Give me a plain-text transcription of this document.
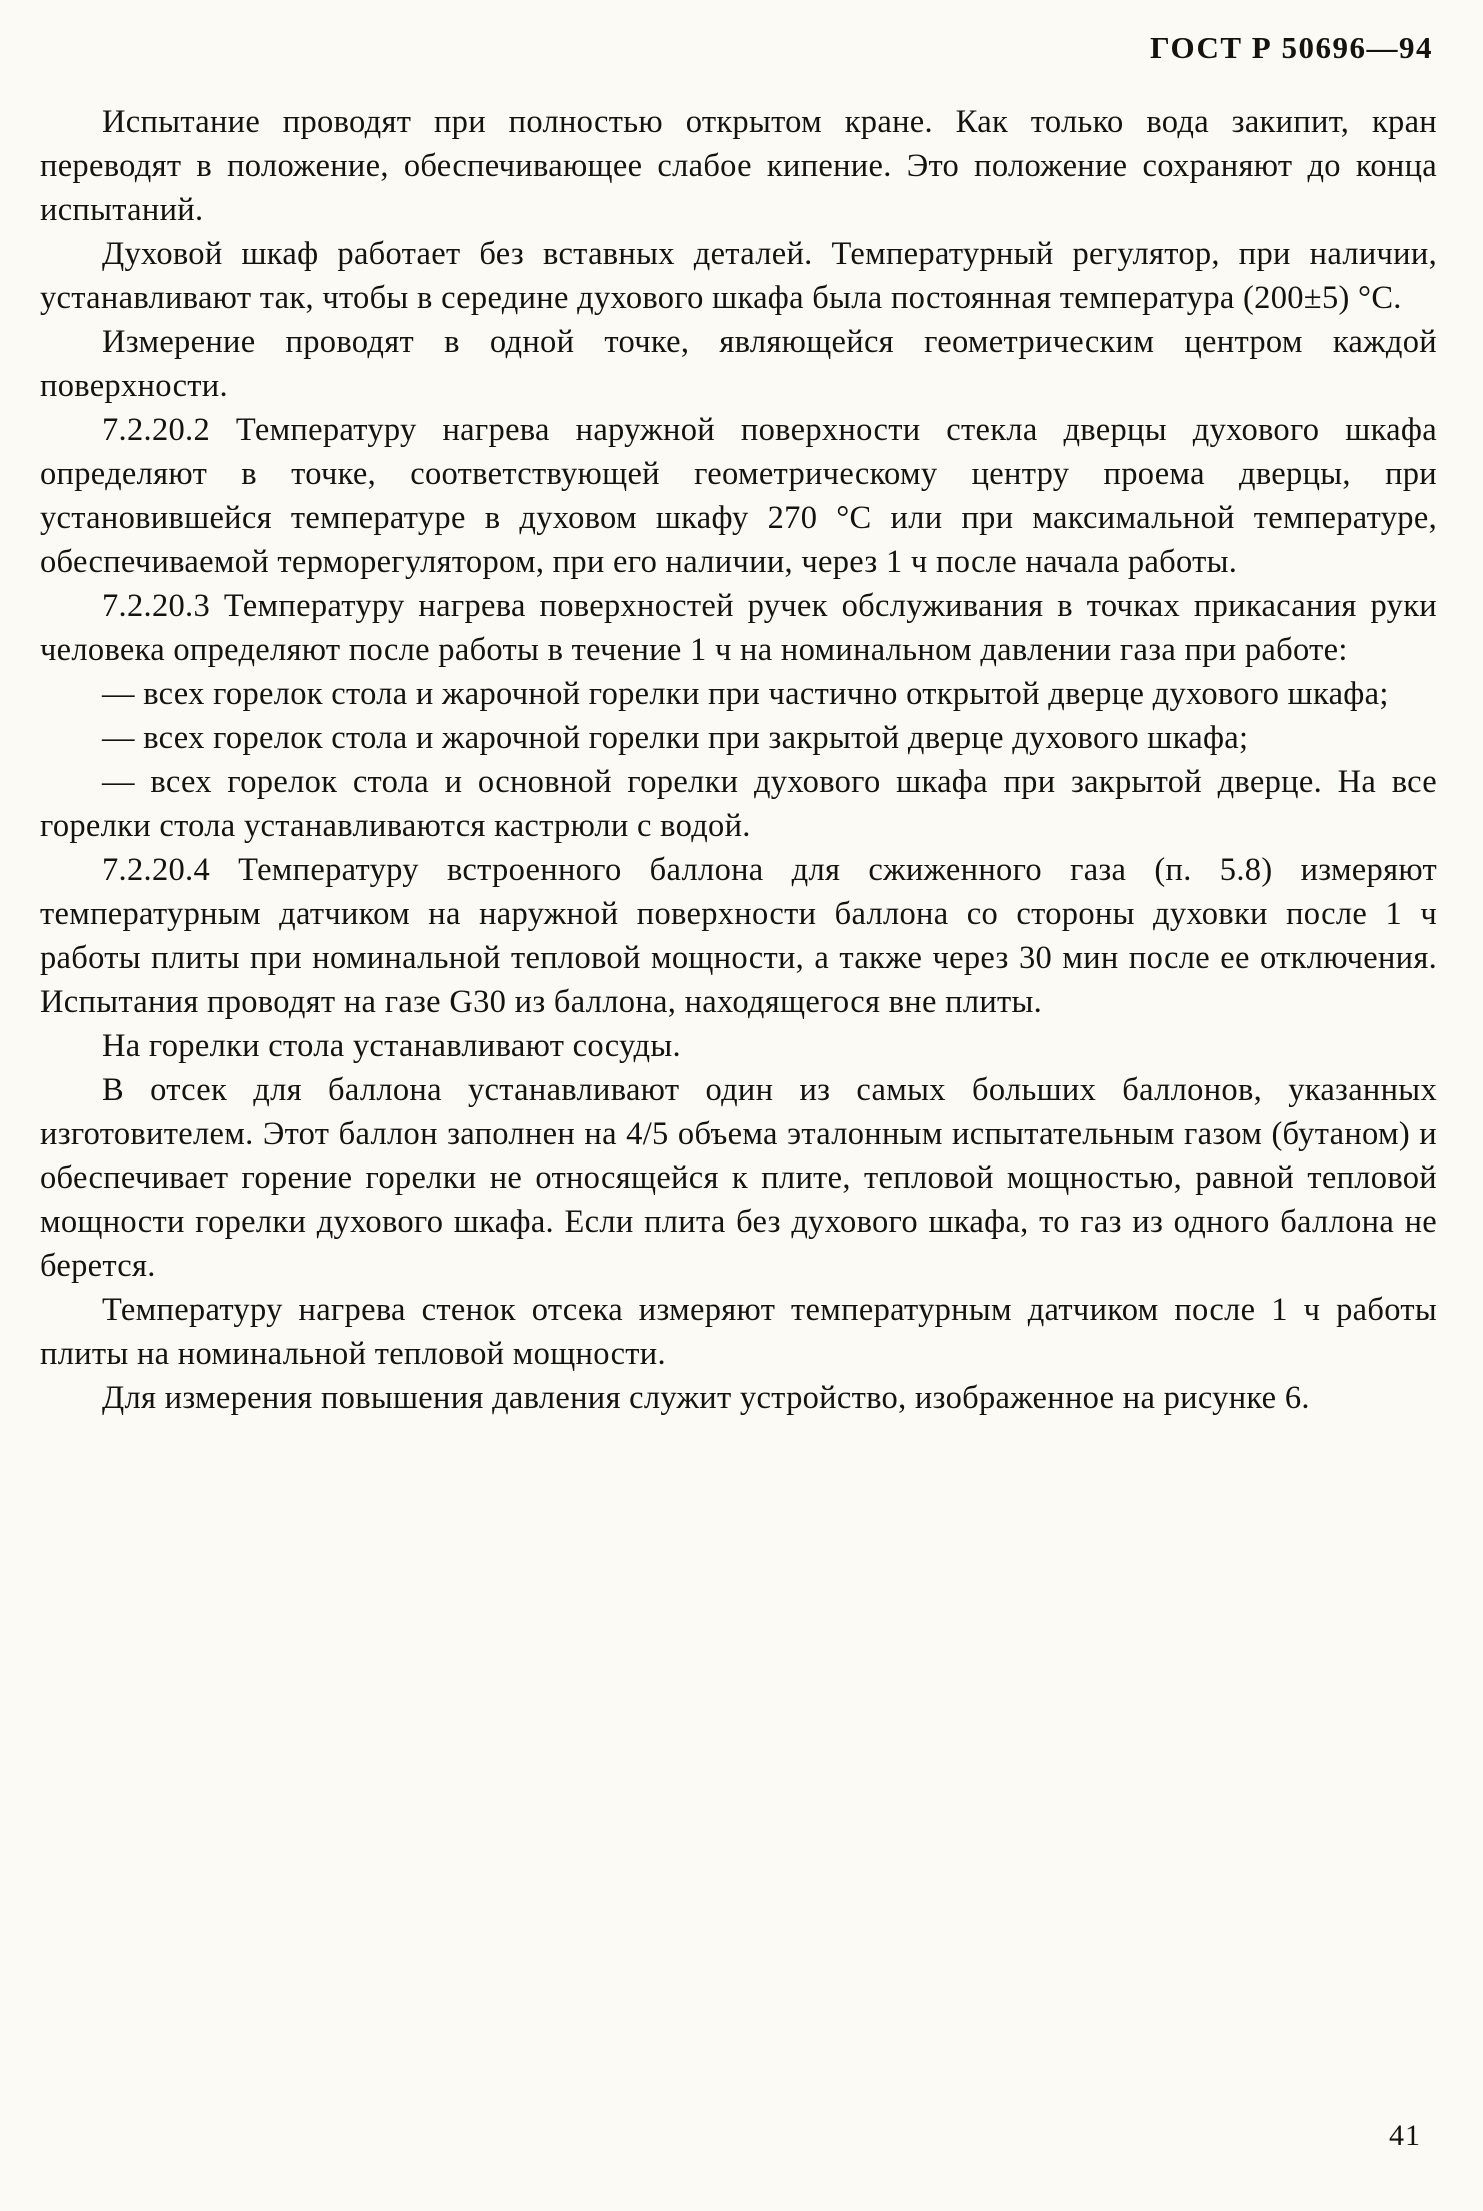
ГОСТ Р 50696—94

Испытание проводят при полностью открытом кране. Как только вода закипит, кран переводят в положение, обеспечивающее слабое кипение. Это положение сохраняют до конца испытаний.

Духовой шкаф работает без вставных деталей. Температурный регулятор, при наличии, устанавливают так, чтобы в середине духового шкафа была постоянная температура (200±5) °С.

Измерение проводят в одной точке, являющейся геометрическим центром каждой поверхности.

7.2.20.2 Температуру нагрева наружной поверхности стекла дверцы духового шкафа определяют в точке, соответствующей геометрическому центру проема дверцы, при установившейся температуре в духовом шкафу 270 °С или при максимальной температуре, обеспечиваемой терморегулятором, при его наличии, через 1 ч после начала работы.

7.2.20.3 Температуру нагрева поверхностей ручек обслуживания в точках прикасания руки человека определяют после работы в течение 1 ч на номинальном давлении газа при работе:

— всех горелок стола и жарочной горелки при частично открытой дверце духового шкафа;

— всех горелок стола и жарочной горелки при закрытой дверце духового шкафа;

— всех горелок стола и основной горелки духового шкафа при закрытой дверце. На все горелки стола устанавливаются кастрюли с водой.

7.2.20.4 Температуру встроенного баллона для сжиженного газа (п. 5.8) измеряют температурным датчиком на наружной поверхности баллона со стороны духовки после 1 ч работы плиты при номинальной тепловой мощности, а также через 30 мин после ее отключения. Испытания проводят на газе G30 из баллона, находящегося вне плиты.

На горелки стола устанавливают сосуды.

В отсек для баллона устанавливают один из самых больших баллонов, указанных изготовителем. Этот баллон заполнен на 4/5 объема эталонным испытательным газом (бутаном) и обеспечивает горение горелки не относящейся к плите, тепловой мощностью, равной тепловой мощности горелки духового шкафа. Если плита без духового шкафа, то газ из одного баллона не берется.

Температуру нагрева стенок отсека измеряют температурным датчиком после 1 ч работы плиты на номинальной тепловой мощности.

Для измерения повышения давления служит устройство, изображенное на рисунке 6.

41
